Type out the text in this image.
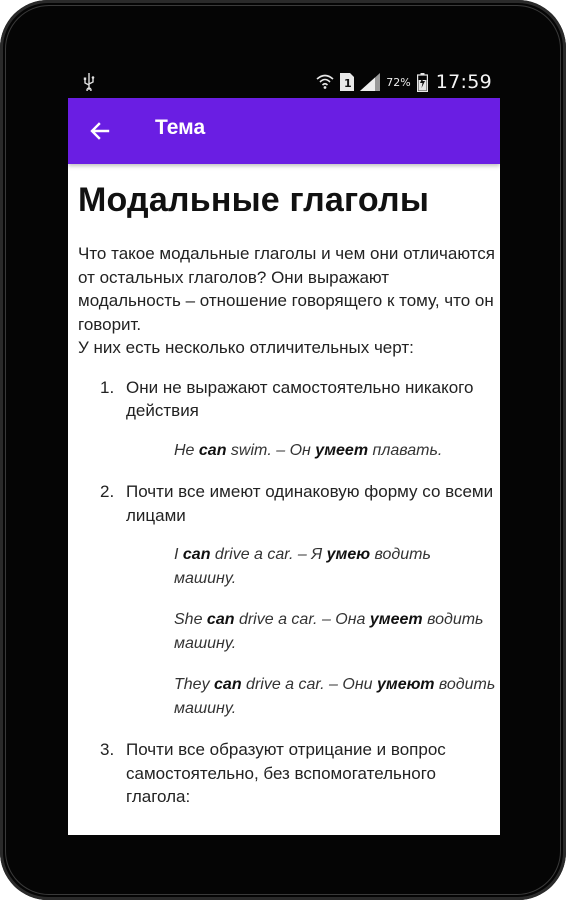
1	72% 17:59
Тема
Модальные глаголы

Что такое модальные глаголы и чем они отличаются от остальных глаголов? Они выражают модальность – отношение говорящего к тому, что он говорит.
У них есть несколько отличительных черт:

1. Они не выражают самостоятельно никакого действия
He can swim. – Он умеет плавать.
2. Почти все имеют одинаковую форму со всеми лицами
I can drive a car. – Я умею водить машину.
She can drive a car. – Она умеет водить машину.
They can drive a car. – Они умеют водить машину.
3. Почти все образуют отрицание и вопрос самостоятельно, без вспомогательного глагола:
